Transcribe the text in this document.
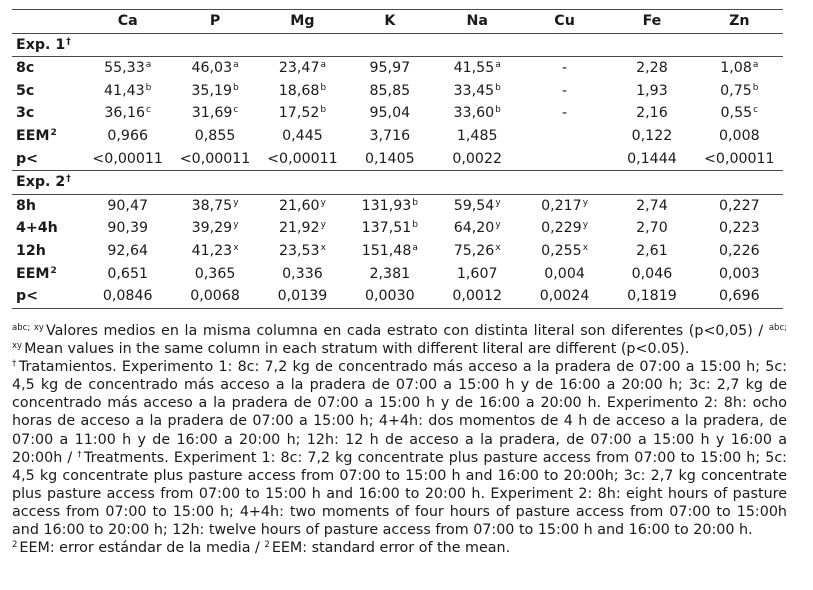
	Ca	P	Mg	K	Na	Cu	Fe	Zn
Exp. 1†
8c	55,33$^a$	46,03$^a$	23,47$^a$	95,97	41,55$^a$	-	2,28	1,08$^a$
5c	41,43$^b$	35,19$^b$	18,68$^b$	85,85	33,45$^b$	-	1,93	0,75$^b$
3c	36,16$^c$	31,69$^c$	17,52$^b$	95,04	33,60$^b$	-	2,16	0,55$^c$
EEM$^2$	0,966	0,855	0,445	3,716	1,485		0,122	0,008
p<	<0,00011	<0,00011	<0,00011	0,1405	0,0022		0,1444	<0,00011
Exp. 2†
8h	90,47	38,75$^y$	21,60$^y$	131,93$^b$	59,54$^y$	0,217$^y$	2,74	0,227
4+4h	90,39	39,29$^y$	21,92$^y$	137,51$^b$	64,20$^y$	0,229$^y$	2,70	0,223
12h	92,64	41,23$^x$	23,53$^x$	151,48$^a$	75,26$^x$	0,255$^x$	2,61	0,226
EEM$^2$	0,651	0,365	0,336	2,381	1,607	0,004	0,046	0,003
p<	0,0846	0,0068	0,0139	0,0030	0,0012	0,0024	0,1819	0,696

$^{abc; xy}$ Valores medios en la misma columna en cada estrato con distinta literal son diferentes (p<0,05) / $^{abc; xy}$ Mean values in the same column in each stratum with different literal are different (p<0.05).

† Tratamientos. Experimento 1: 8c: 7,2 kg de concentrado más acceso a la pradera de 07:00 a 15:00 h; 5c: 4,5 kg de concentrado más acceso a la pradera de 07:00 a 15:00 h y de 16:00 a 20:00 h; 3c: 2,7 kg de concentrado más acceso a la pradera de 07:00 a 15:00 h y de 16:00 a 20:00 h. Experimento 2: 8h: ocho horas de acceso a la pradera de 07:00 a 15:00 h; 4+4h: dos momentos de 4 h de acceso a la pradera, de 07:00 a 11:00 h y de 16:00 a 20:00 h; 12h: 12 h de acceso a la pradera, de 07:00 a 15:00 h y 16:00 a 20:00h / † Treatments. Experiment 1: 8c: 7,2 kg concentrate plus pasture access from 07:00 to 15:00 h; 5c: 4,5 kg concentrate plus pasture access from 07:00 to 15:00 h and 16:00 to 20:00h; 3c: 2,7 kg concentrate plus pasture access from 07:00 to 15:00 h and 16:00 to 20:00 h. Experiment 2: 8h: eight hours of pasture access from 07:00 to 15:00 h; 4+4h: two moments of four hours of pasture access from 07:00 to 15:00h and 16:00 to 20:00 h; 12h: twelve hours of pasture access from 07:00 to 15:00 h and 16:00 to 20:00 h.

$^2$ EEM: error estándar de la media / $^2$ EEM: standard error of the mean.
